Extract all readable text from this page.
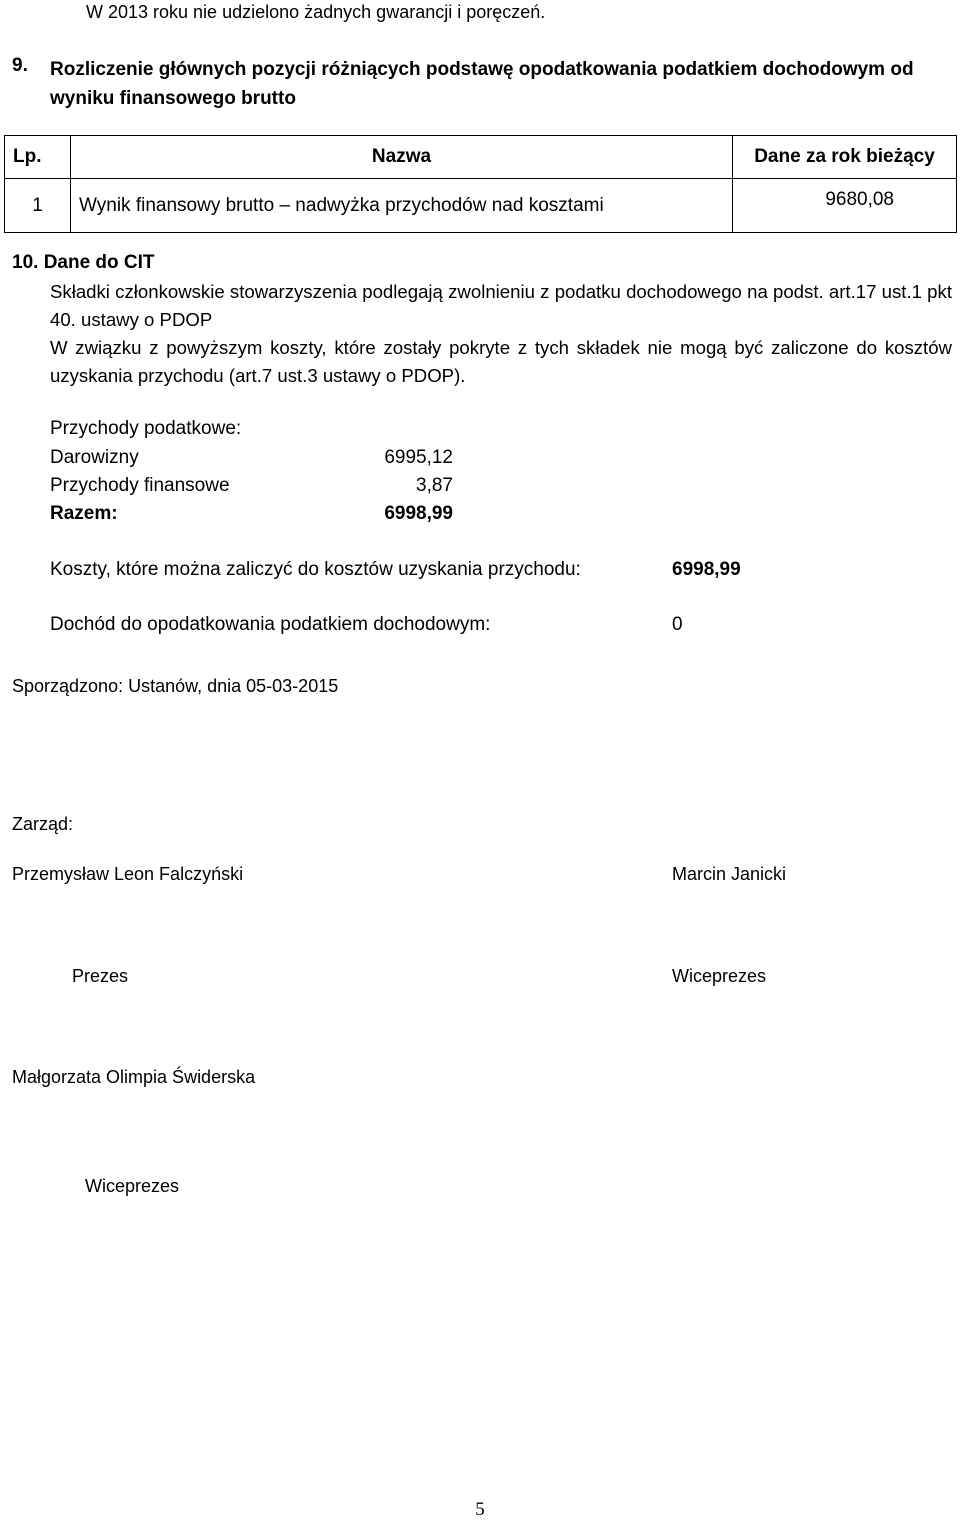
W 2013 roku nie udzielono żadnych gwarancji i poręczeń.
9. Rozliczenie głównych pozycji różniących podstawę opodatkowania podatkiem dochodowym od wyniku finansowego brutto
Lp.	Nazwa	Dane za rok bieżący
1	Wynik finansowy brutto – nadwyżka przychodów nad kosztami	9680,08
10. Dane do CIT

Składki członkowskie stowarzyszenia podlegają zwolnieniu z podatku dochodowego na podst. art.17 ust.1 pkt 40. ustawy o PDOP

W związku z powyższym koszty, które zostały pokryte z tych składek nie mogą być zaliczone do kosztów uzyskania przychodu (art.7 ust.3 ustawy o PDOP).

Przychody podatkowe:
Darowizny	6995,12
Przychody finansowe	3,87
Razem:	6998,99
Koszty, które można zaliczyć do kosztów uzyskania przychodu:	6998,99
Dochód do opodatkowania podatkiem dochodowym:	0
Sporządzono: Ustanów, dnia 05-03-2015
Zarząd:
Przemysław Leon Falczyński	Marcin Janicki
Prezes	Wiceprezes
Małgorzata Olimpia Świderska
Wiceprezes
5
